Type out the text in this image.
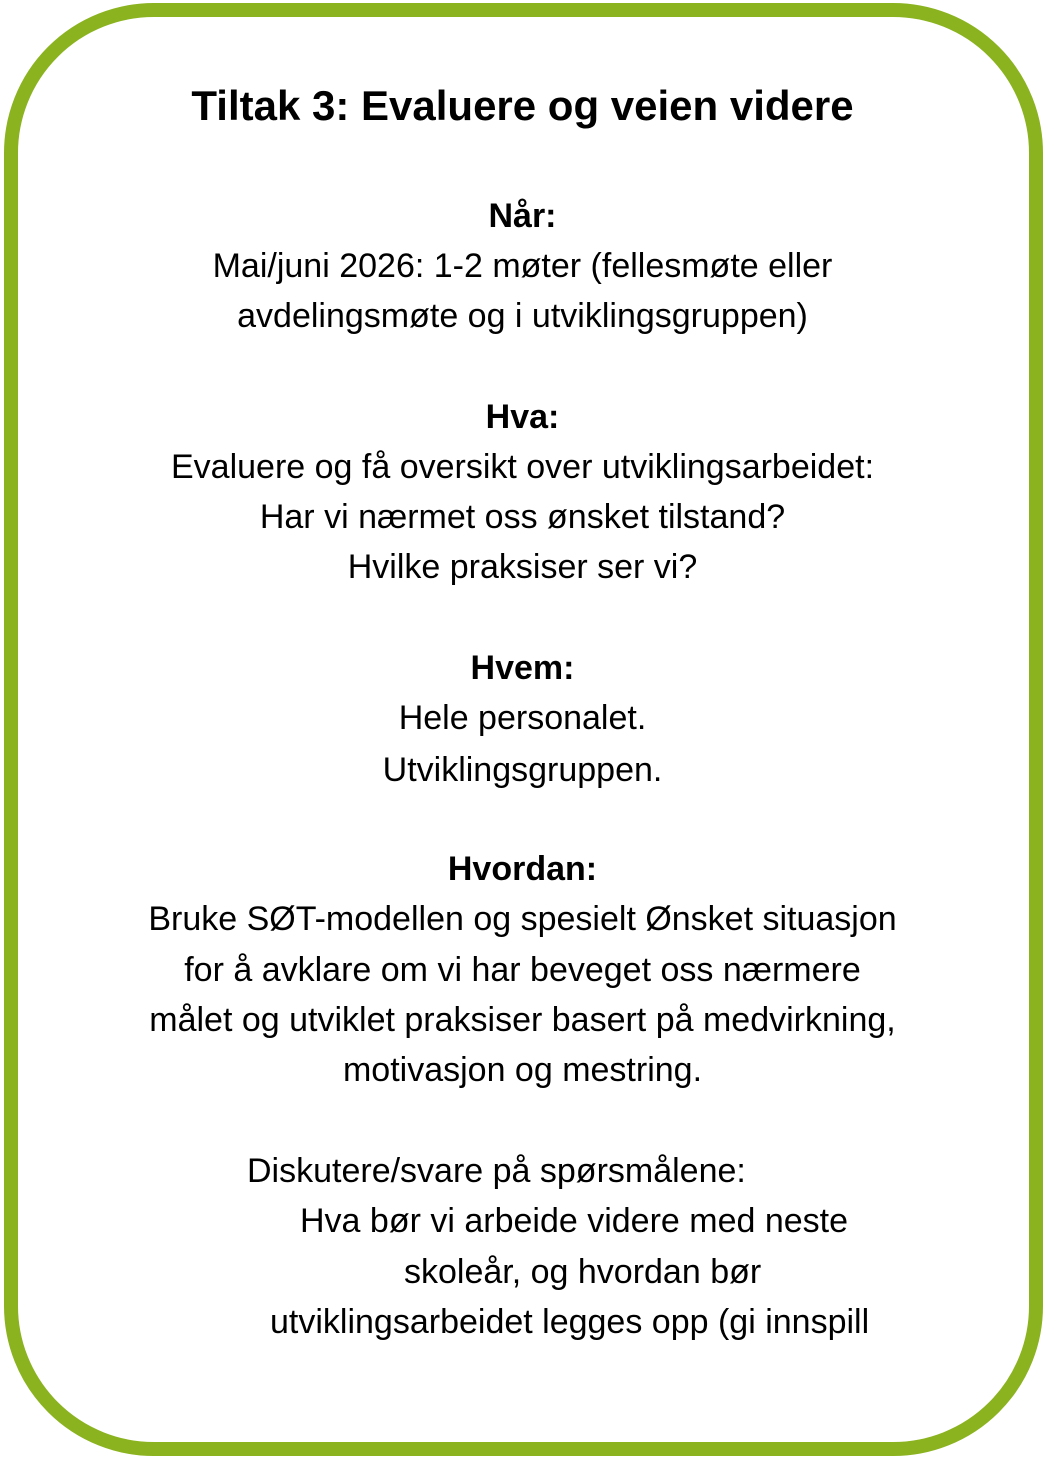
Tiltak 3: Evaluere og veien videre
Når:
Mai/juni 2026: 1-2 møter (fellesmøte eller
avdelingsmøte og i utviklingsgruppen)
Hva:
Evaluere og få oversikt over utviklingsarbeidet:
Har vi nærmet oss ønsket tilstand?
Hvilke praksiser ser vi?
Hvem:
Hele personalet.
Utviklingsgruppen.
Hvordan:
Bruke SØT-modellen og spesielt Ønsket situasjon
for å avklare om vi har beveget oss nærmere
målet og utviklet praksiser basert på medvirkning,
motivasjon og mestring.
Diskutere/svare på spørsmålene:
Hva bør vi arbeide videre med neste
skoleår, og hvordan bør
utviklingsarbeidet legges opp (gi innspill
